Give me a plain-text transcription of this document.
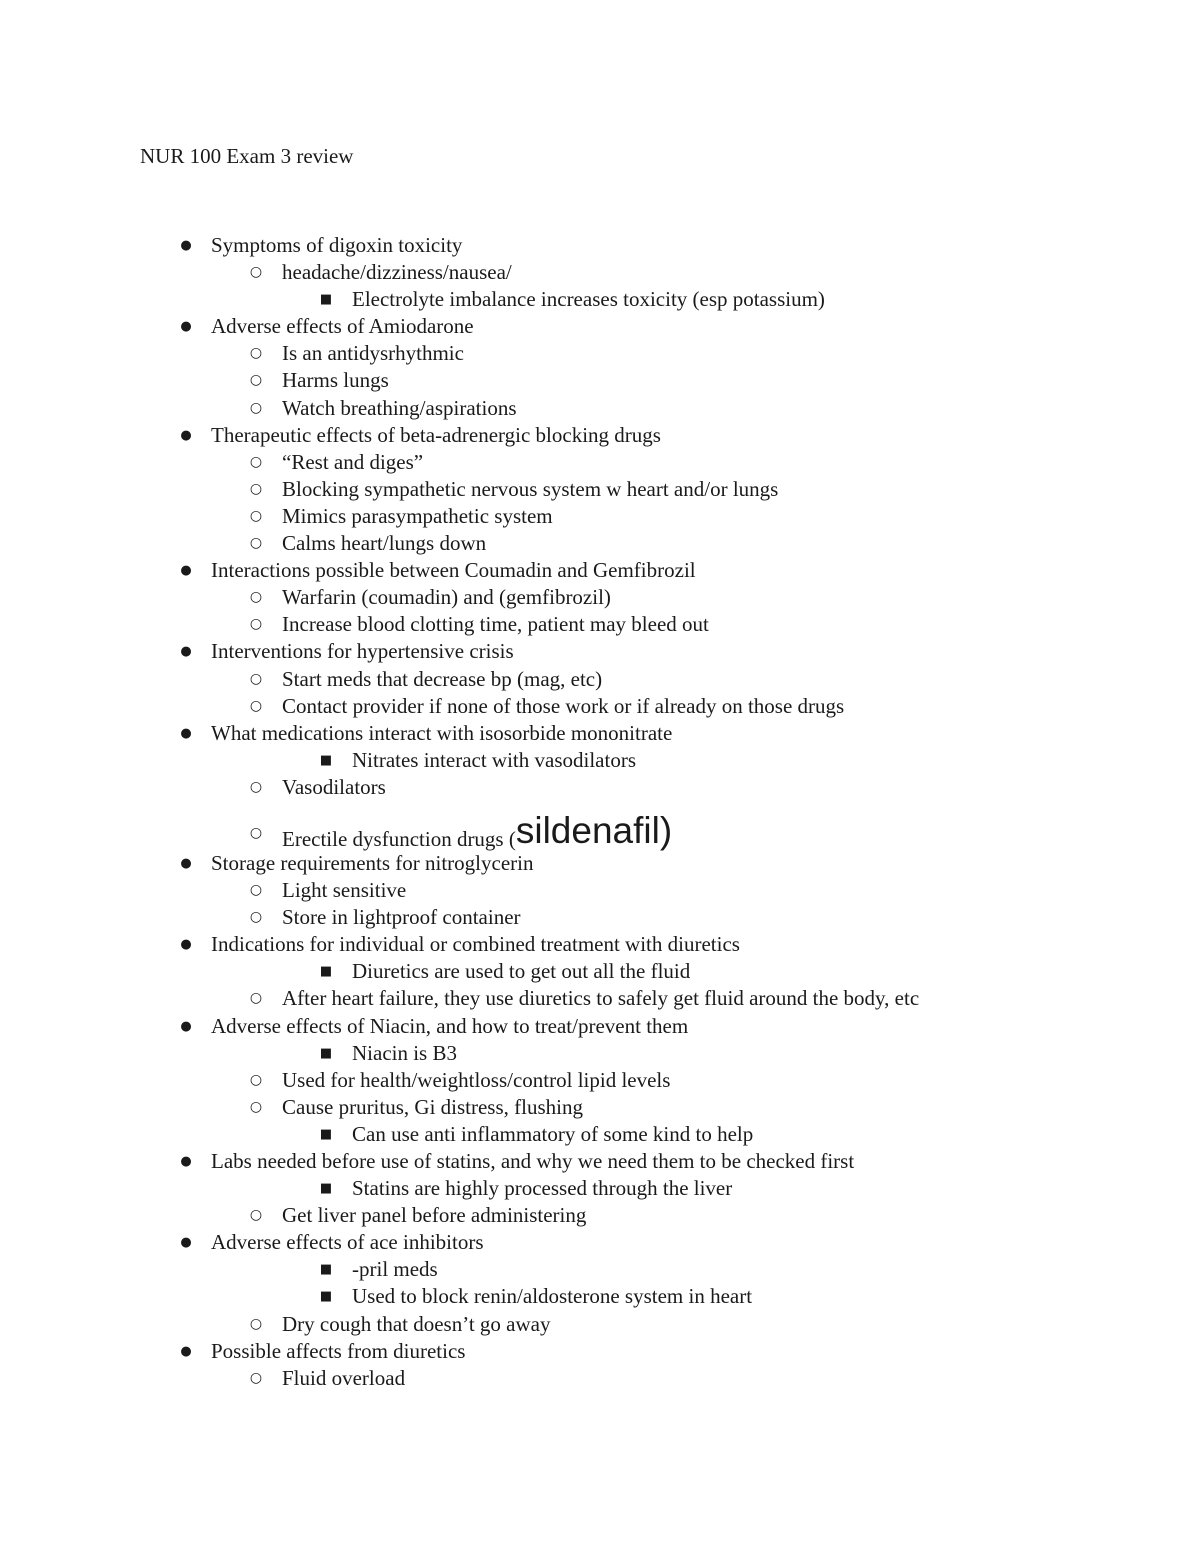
NUR 100 Exam 3 review
● Symptoms of digoxin toxicity
○ headache/dizziness/nausea/
■ Electrolyte imbalance increases toxicity (esp potassium)
● Adverse effects of Amiodarone
○ Is an antidysrhythmic
○ Harms lungs
○ Watch breathing/aspirations
● Therapeutic effects of beta-adrenergic blocking drugs
○ “Rest and diges”
○ Blocking sympathetic nervous system w heart and/or lungs
○ Mimics parasympathetic system
○ Calms heart/lungs down
● Interactions possible between Coumadin and Gemfibrozil
○ Warfarin (coumadin) and (gemfibrozil)
○ Increase blood clotting time, patient may bleed out
● Interventions for hypertensive crisis
○ Start meds that decrease bp (mag, etc)
○ Contact provider if none of those work or if already on those drugs
● What medications interact with isosorbide mononitrate
■ Nitrates interact with vasodilators
○ Vasodilators
○ Erectile dysfunction drugs (sildenafil)
● Storage requirements for nitroglycerin
○ Light sensitive
○ Store in lightproof container
● Indications for individual or combined treatment with diuretics
■ Diuretics are used to get out all the fluid
○ After heart failure, they use diuretics to safely get fluid around the body, etc
● Adverse effects of Niacin, and how to treat/prevent them
■ Niacin is B3
○ Used for health/weightloss/control lipid levels
○ Cause pruritus, Gi distress, flushing
■ Can use anti inflammatory of some kind to help
● Labs needed before use of statins, and why we need them to be checked first
■ Statins are highly processed through the liver
○ Get liver panel before administering
● Adverse effects of ace inhibitors
■ -pril meds
■ Used to block renin/aldosterone system in heart
○ Dry cough that doesn’t go away
● Possible affects from diuretics
○ Fluid overload
